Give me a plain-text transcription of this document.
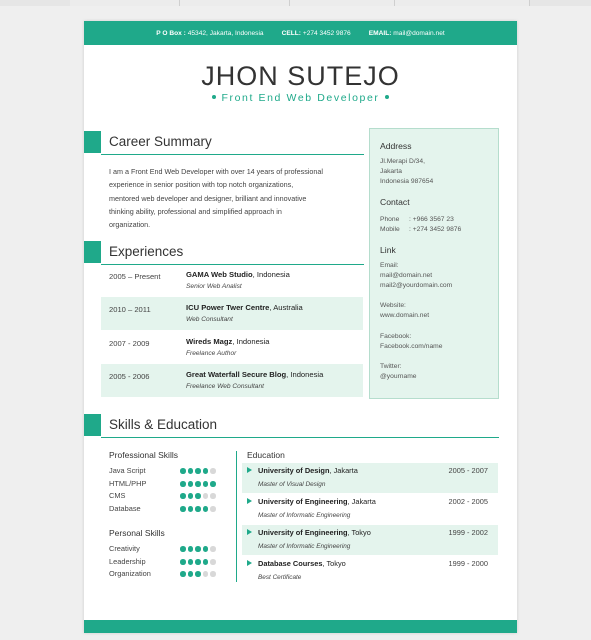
P O Box : 45342, Jakarta, Indonesia	CELL: +274 3452 9876	EMAIL: mail@domain.net
JHON SUTEJO
Front End Web Developer
Career Summary
I am a Front End Web Developer with over 14 years of professional
experience in senior position with top notch organizations,
mentored web developer and designer, brilliant and innovative
thinking ability, professional and simplified approach in
organization.
Experiences
2005 – Present	GAMA Web Studio, Indonesia
Senior Web Analist
2010 – 2011	ICU Power Twer Centre, Australia
Web Consultant
2007 - 2009	Wireds Magz, Indonesia
Freelance Author
2005 - 2006	Great Waterfall Secure Blog, Indonesia
Freelance Web Consultant
Address
Jl.Merapi D/34,
Jakarta
Indonesia 987654
Contact
Phone : +966 3567 23
Mobile : +274 3452 9876
Link
Email:
mail@domain.net
mail2@yourdomain.com
Website:
www.domain.net
Facebook:
Facebook.com/name
Twitter:
@yourname
Skills & Education
Professional Skills
Java Script
HTML/PHP
CMS
Database
Personal Skills
Creativity
Leadership
Organization
Education
University of Design, Jakarta	2005 - 2007
Master of Visual Design
University of Engineering, Jakarta	2002 - 2005
Master of Informatic Engineering
University of Engineering, Tokyo	1999 - 2002
Master of Informatic Engineering
Database Courses, Tokyo	1999 - 2000
Best Certificate
